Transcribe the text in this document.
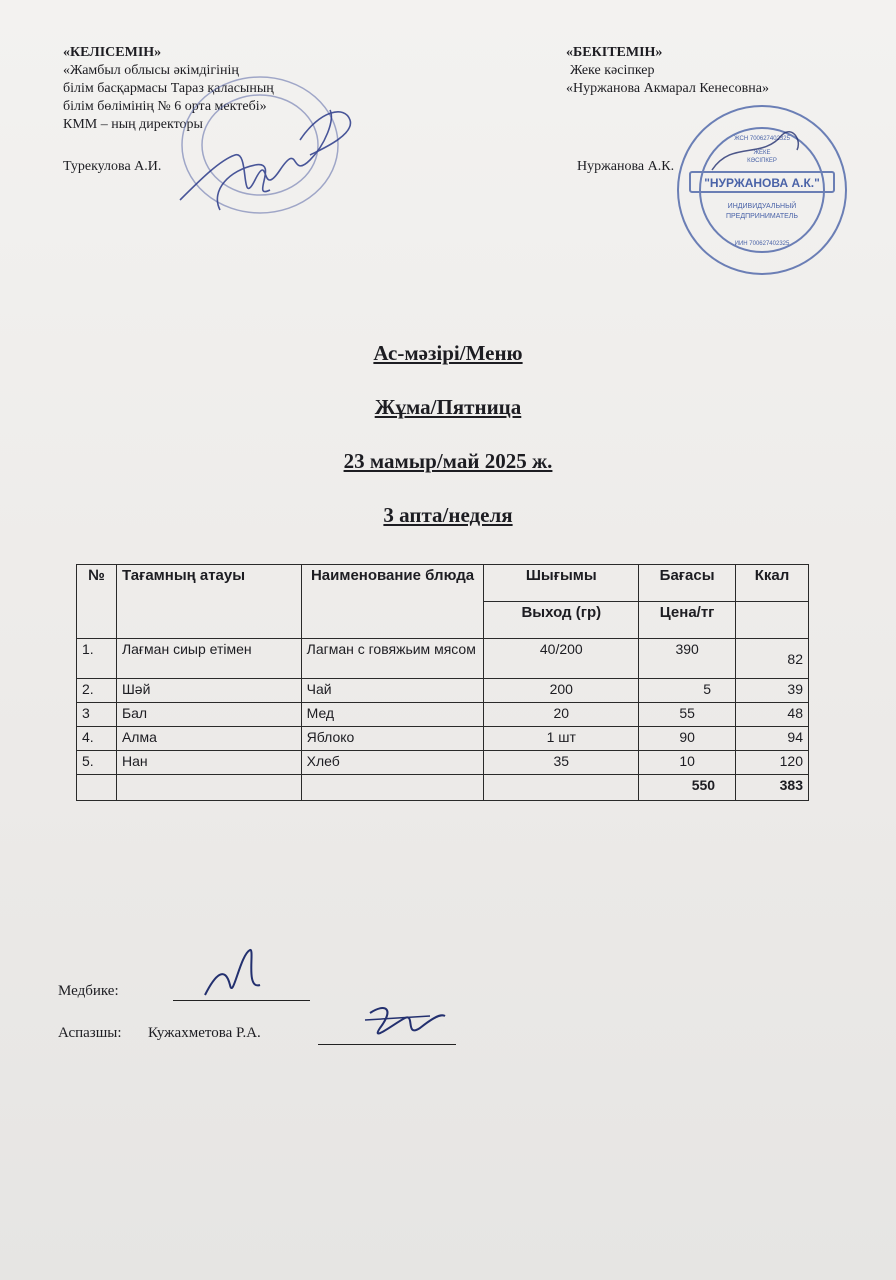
«КЕЛІСЕМІН»
«Жамбыл облысы әкімдігінің
білім басқармасы Тараз қаласының
білім бөлімінің № 6 орта мектебі»
КММ – ның директоры
Турекулова А.И.
«БЕКІТЕМІН»
Жеке кәсіпкер
«Нуржанова Акмарал Кенесовна»
Нуржанова А.К.
"НУРЖАНОВА А.К."
ИНДИВИДУАЛЬНЫЙ
ПРЕДПРИНИМАТЕЛЬ
ЖЕКЕ
КӘСІПКЕР
ЖСН 700627402325
ИИН 700627402325
Ас-мәзірі/Меню
Жұма/Пятница
23 мамыр/май 2025 ж.
3 апта/неделя
№	Тағамның атауы	Наименование блюда	Шығымы	Бағасы	Ккал
			Выход (гр)	Цена/тг	
1.	Лағман сиыр етімен	Лагман с говяжьим мясом	40/200	390	82
2.	Шәй	Чай	200	5	39
3	Бал	Мед	20	55	48
4.	Алма	Яблоко	1 шт	90	94
5.	Нан	Хлеб	35	10	120
				550	383
Медбике:
Аспазшы: Кужахметова Р.А.
